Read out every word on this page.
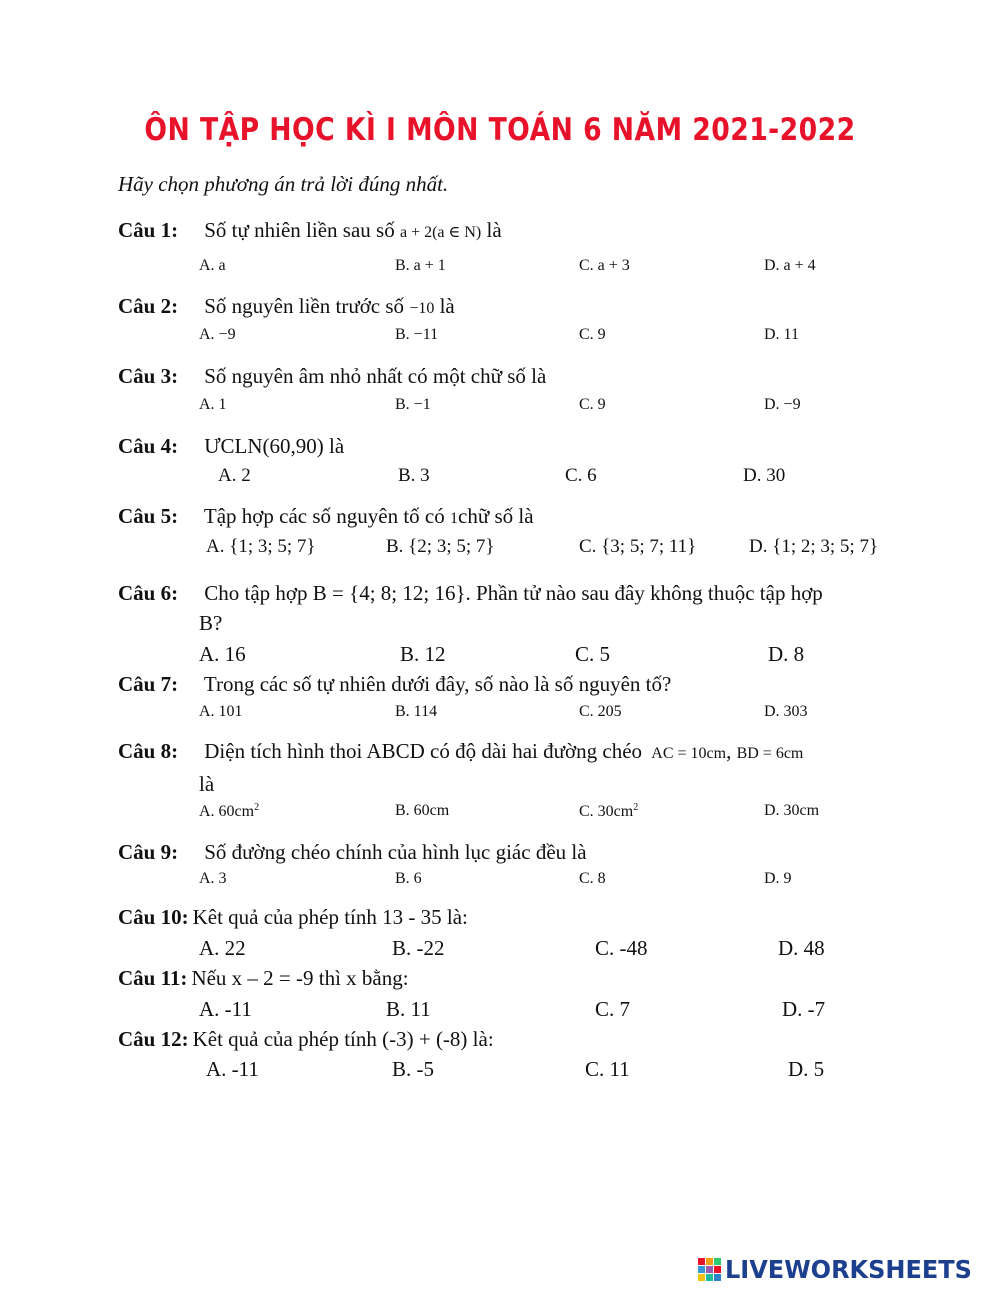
ÔN TẬP HỌC KÌ I MÔN TOÁN 6 NĂM 2021-2022
Hãy chọn phương án trả lời đúng nhất.
Câu 1: Số tự nhiên liền sau số a + 2(a ∈ N) là
A. a	B. a + 1	C. a + 3	D. a + 4
Câu 2: Số nguyên liền trước số −10 là
A. −9	B. −11	C. 9	D. 11
Câu 3: Số nguyên âm nhỏ nhất có một chữ số là
A. 1	B. −1	C. 9	D. −9
Câu 4: ƯCLN(60,90) là
A. 2	B. 3	C. 6	D. 30
Câu 5: Tập hợp các số nguyên tố có 1chữ số là
A. {1; 3; 5; 7}	B. {2; 3; 5; 7}	C. {3; 5; 7; 11}	D. {1; 2; 3; 5; 7}
Câu 6: Cho tập hợp B = {4; 8; 12; 16}. Phần tử nào sau đây không thuộc tập hợp
B?
A. 16	B. 12	C. 5	D. 8
Câu 7: Trong các số tự nhiên dưới đây, số nào là số nguyên tố?
A. 101	B. 114	C. 205	D. 303
Câu 8: Diện tích hình thoi ABCD có độ dài hai đường chéo AC = 10cm, BD = 6cm
là
A. $60cm^2$	B. 60cm	C. $30cm^2$	D. 30cm
Câu 9: Số đường chéo chính của hình lục giác đều là
A. 3	B. 6	C. 8	D. 9
Câu 10: Kêt quả của phép tính 13 - 35 là:
A. 22	B. -22	C. -48	D. 48
Câu 11: Nếu x – 2 = -9 thì x bằng:
A. -11	B. 11	C. 7	D. -7
Câu 12: Kêt quả của phép tính (-3) + (-8) là:
A. -11	B. -5	C. 11	D. 5
LIVEWORKSHEETS
